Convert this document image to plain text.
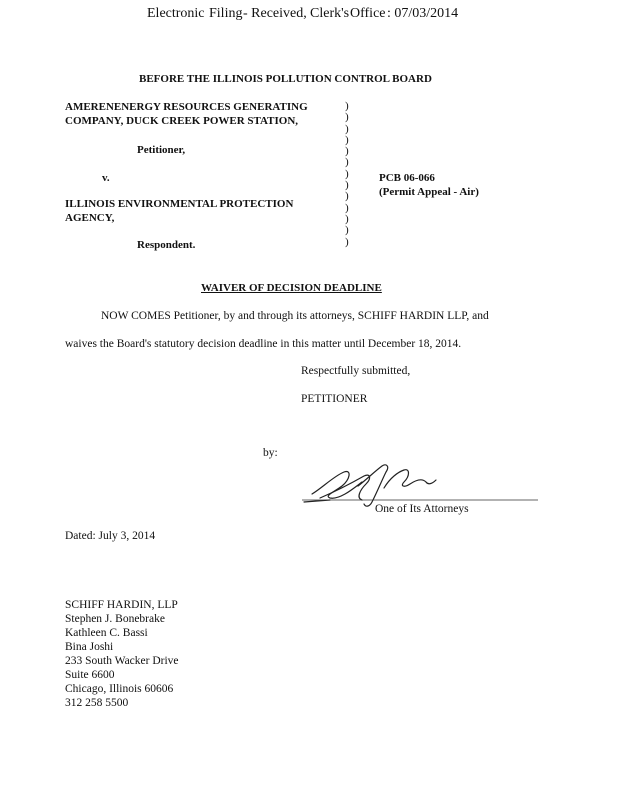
Electronic Filing - Received, Clerk's Office : 07/03/2014
BEFORE THE ILLINOIS POLLUTION CONTROL BOARD
AMERENENERGY RESOURCES GENERATING
COMPANY, DUCK CREEK POWER STATION,
Petitioner,
v.
ILLINOIS ENVIRONMENTAL PROTECTION
AGENCY,
Respondent.
)
)
)
)
)
)
)
)
)
)
)
)
)
PCB 06-066
(Permit Appeal - Air)
WAIVER OF DECISION DEADLINE
NOW COMES Petitioner, by and through its attorneys, SCHIFF HARDIN LLP, and
waives the Board's statutory decision deadline in this matter until December 18, 2014.
Respectfully submitted,
PETITIONER
by:
One of Its Attorneys
Dated: July 3, 2014
SCHIFF HARDIN, LLP
Stephen J. Bonebrake
Kathleen C. Bassi
Bina Joshi
233 South Wacker Drive
Suite 6600
Chicago, Illinois 60606
312 258 5500
